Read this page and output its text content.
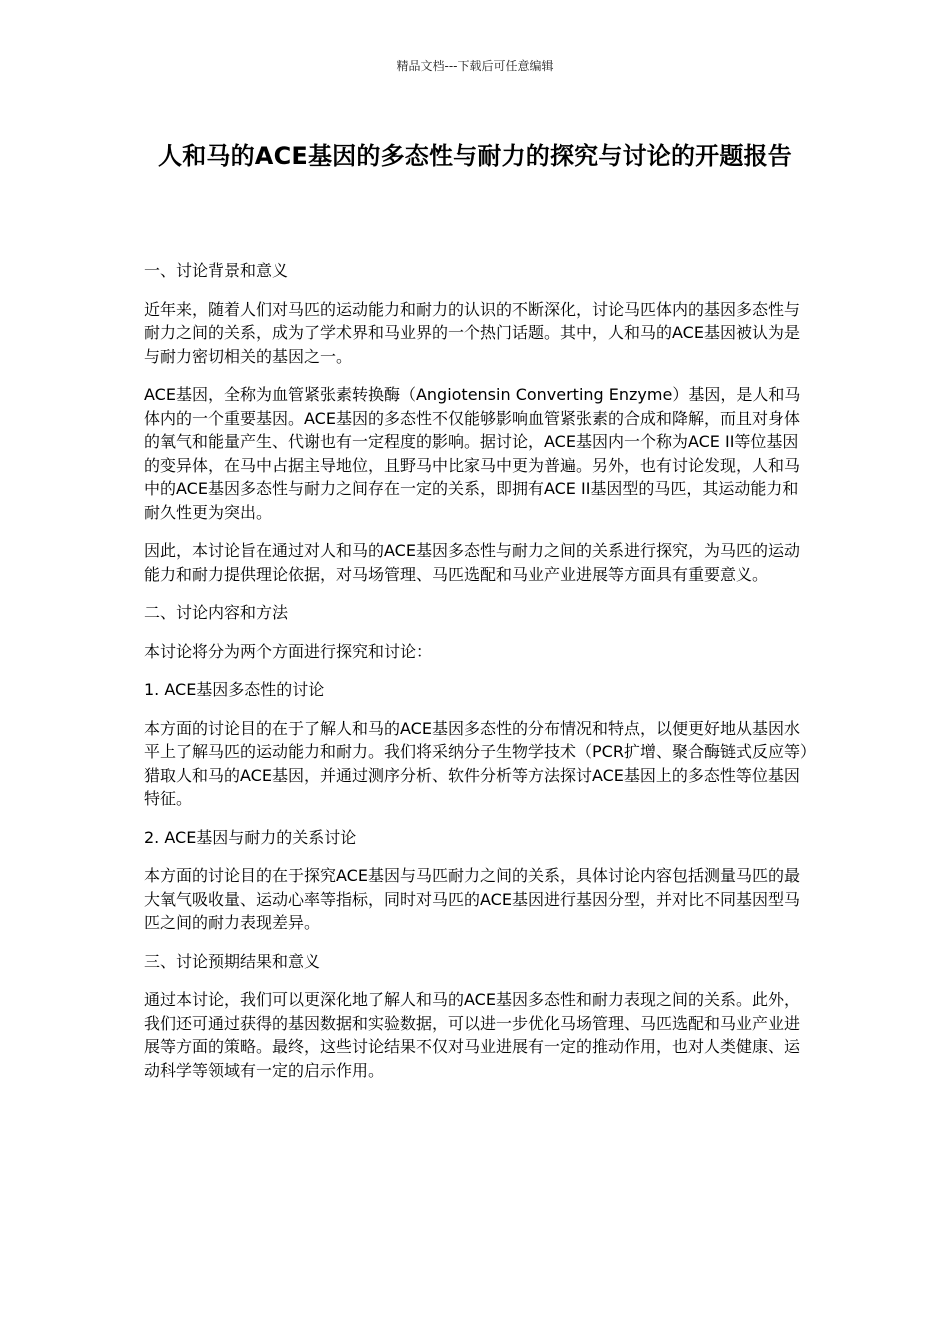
精品文档---下载后可任意编辑
人和马的ACE基因的多态性与耐力的探究与讨论的开题报告

一、讨论背景和意义

近年来，随着人们对马匹的运动能力和耐力的认识的不断深化，讨论马匹体内的基因多态性与耐力之间的关系，成为了学术界和马业界的一个热门话题。其中，人和马的ACE基因被认为是与耐力密切相关的基因之一。

ACE基因，全称为血管紧张素转换酶（Angiotensin Converting Enzyme）基因，是人和马体内的一个重要基因。ACE基因的多态性不仅能够影响血管紧张素的合成和降解，而且对身体的氧气和能量产生、代谢也有一定程度的影响。据讨论，ACE基因内一个称为ACE II等位基因的变异体，在马中占据主导地位，且野马中比家马中更为普遍。另外，也有讨论发现，人和马中的ACE基因多态性与耐力之间存在一定的关系，即拥有ACE II基因型的马匹，其运动能力和耐久性更为突出。

因此，本讨论旨在通过对人和马的ACE基因多态性与耐力之间的关系进行探究，为马匹的运动能力和耐力提供理论依据，对马场管理、马匹选配和马业产业进展等方面具有重要意义。

二、讨论内容和方法

本讨论将分为两个方面进行探究和讨论：

1. ACE基因多态性的讨论

本方面的讨论目的在于了解人和马的ACE基因多态性的分布情况和特点，以便更好地从基因水平上了解马匹的运动能力和耐力。我们将采纳分子生物学技术（PCR扩增、聚合酶链式反应等）猎取人和马的ACE基因，并通过测序分析、软件分析等方法探讨ACE基因上的多态性等位基因特征。

2. ACE基因与耐力的关系讨论

本方面的讨论目的在于探究ACE基因与马匹耐力之间的关系，具体讨论内容包括测量马匹的最大氧气吸收量、运动心率等指标，同时对马匹的ACE基因进行基因分型，并对比不同基因型马匹之间的耐力表现差异。

三、讨论预期结果和意义

通过本讨论，我们可以更深化地了解人和马的ACE基因多态性和耐力表现之间的关系。此外，我们还可通过获得的基因数据和实验数据，可以进一步优化马场管理、马匹选配和马业产业进展等方面的策略。最终，这些讨论结果不仅对马业进展有一定的推动作用，也对人类健康、运动科学等领域有一定的启示作用。
